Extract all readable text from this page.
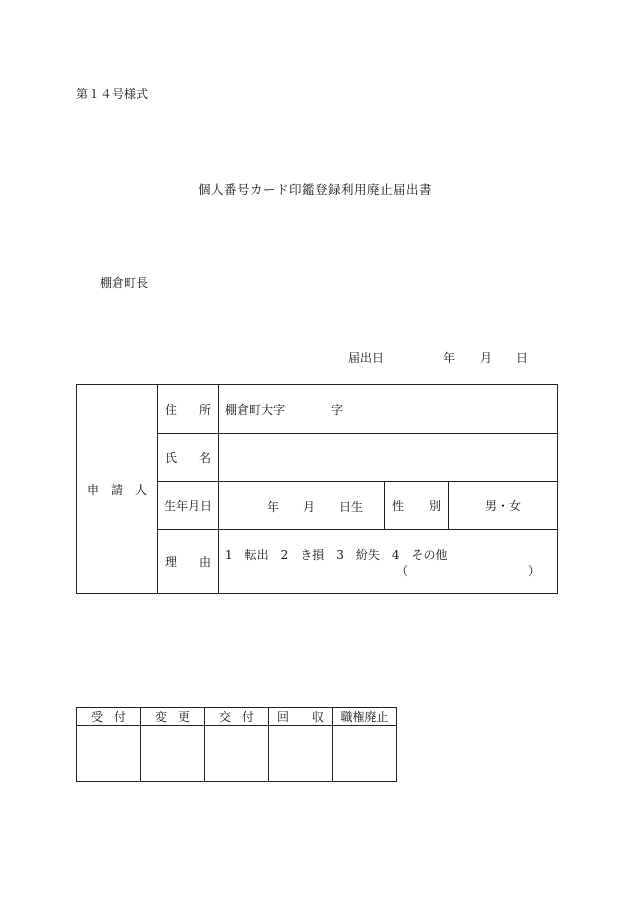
第１４号様式
個人番号カード印鑑登録利用廃止届出書
棚倉町長
届出日	年 月 日
申　請　人	住 所	棚倉町大字 字		

	氏 名			

	生年月日	年 月 日生	性 別	男・女

	理 由	1　転出　2　き損　3　紛失　4　その他
（ ）		
受 付	変 更	交 付	回 収	職権廃止
